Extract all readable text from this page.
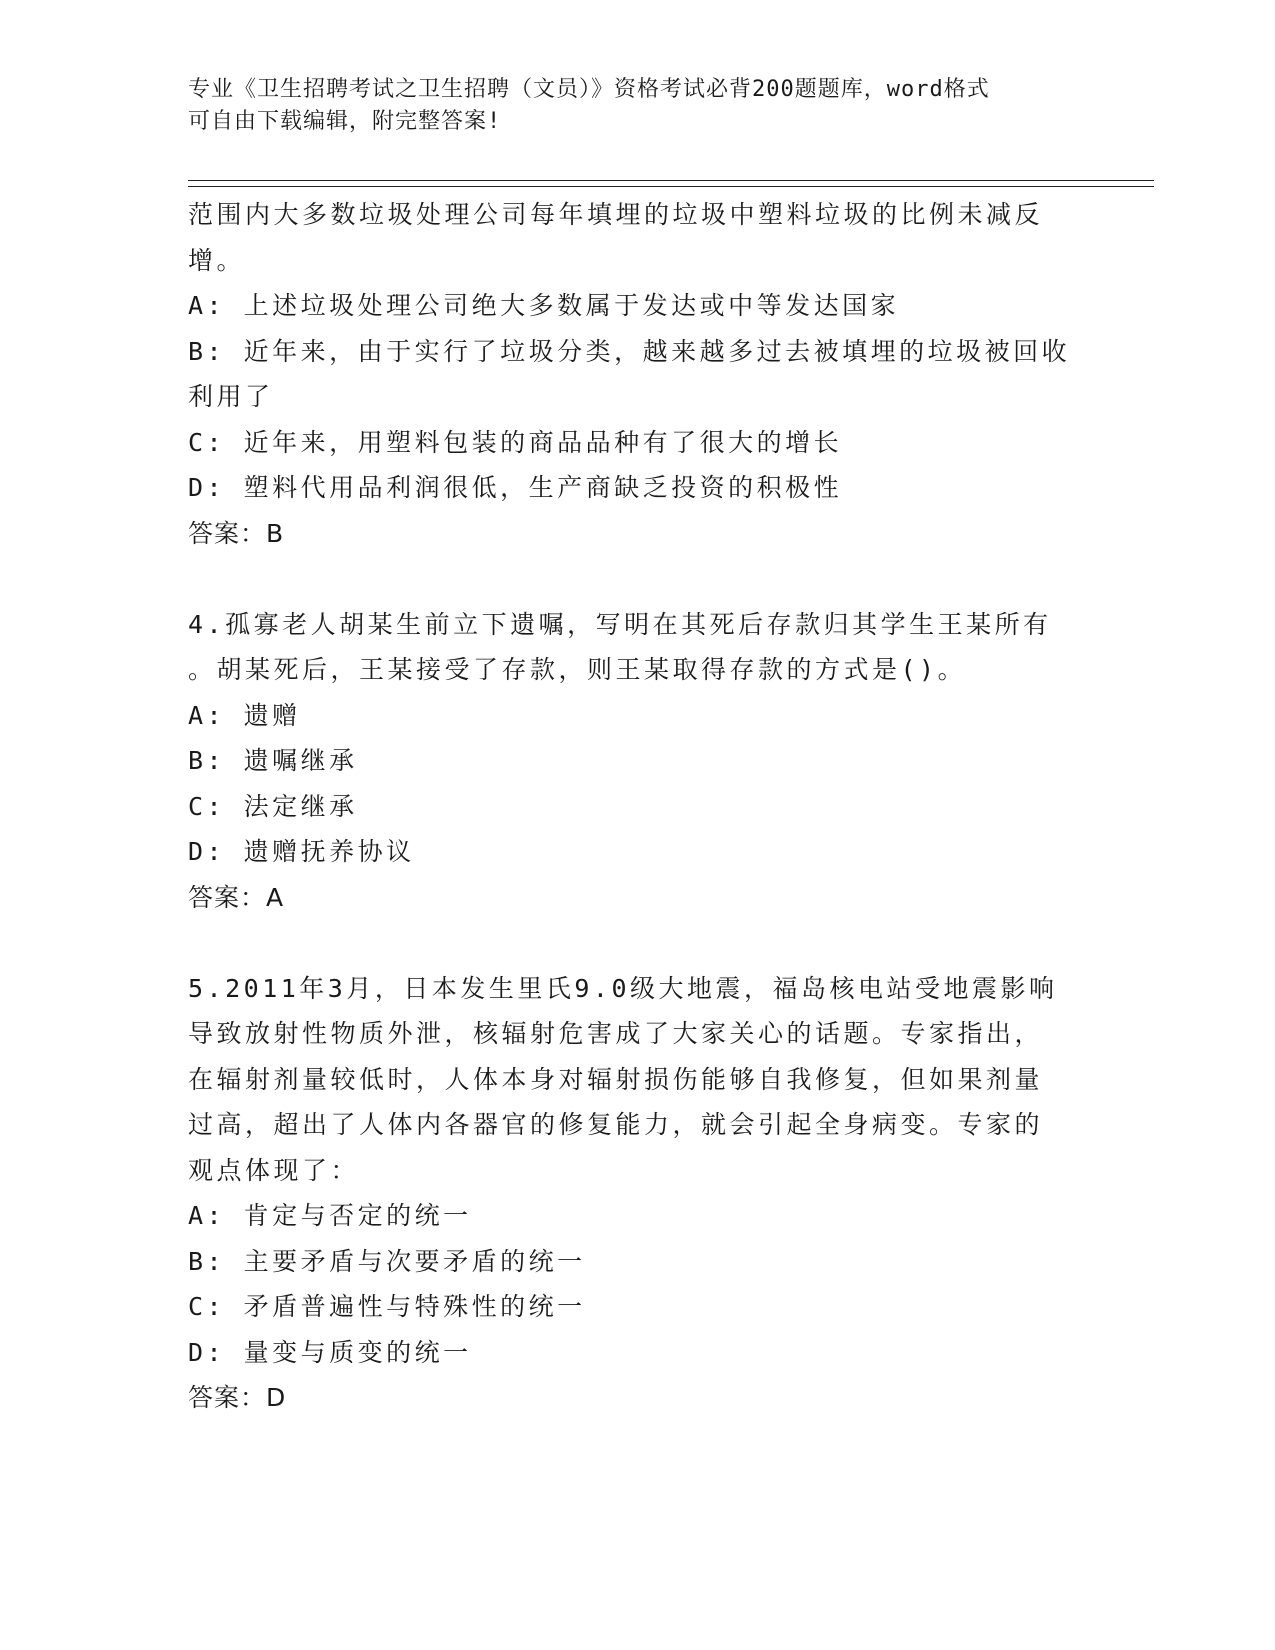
专业《卫生招聘考试之卫生招聘（文员）》资格考试必背200题题库，word格式
可自由下载编辑，附完整答案!

范围内大多数垃圾处理公司每年填埋的垃圾中塑料垃圾的比例未减反

增。

A: 上述垃圾处理公司绝大多数属于发达或中等发达国家

B: 近年来，由于实行了垃圾分类，越来越多过去被填埋的垃圾被回收

利用了

C: 近年来，用塑料包装的商品品种有了很大的增长

D: 塑料代用品利润很低，生产商缺乏投资的积极性

答案：B

4.孤寡老人胡某生前立下遗嘱，写明在其死后存款归其学生王某所有

。胡某死后，王某接受了存款，则王某取得存款的方式是()。

A: 遗赠

B: 遗嘱继承

C: 法定继承

D: 遗赠抚养协议

答案：A

5.2011年3月，日本发生里氏9.0级大地震，福岛核电站受地震影响

导致放射性物质外泄，核辐射危害成了大家关心的话题。专家指出，

在辐射剂量较低时，人体本身对辐射损伤能够自我修复，但如果剂量

过高，超出了人体内各器官的修复能力，就会引起全身病变。专家的

观点体现了：

A: 肯定与否定的统一

B: 主要矛盾与次要矛盾的统一

C: 矛盾普遍性与特殊性的统一

D: 量变与质变的统一

答案：D
